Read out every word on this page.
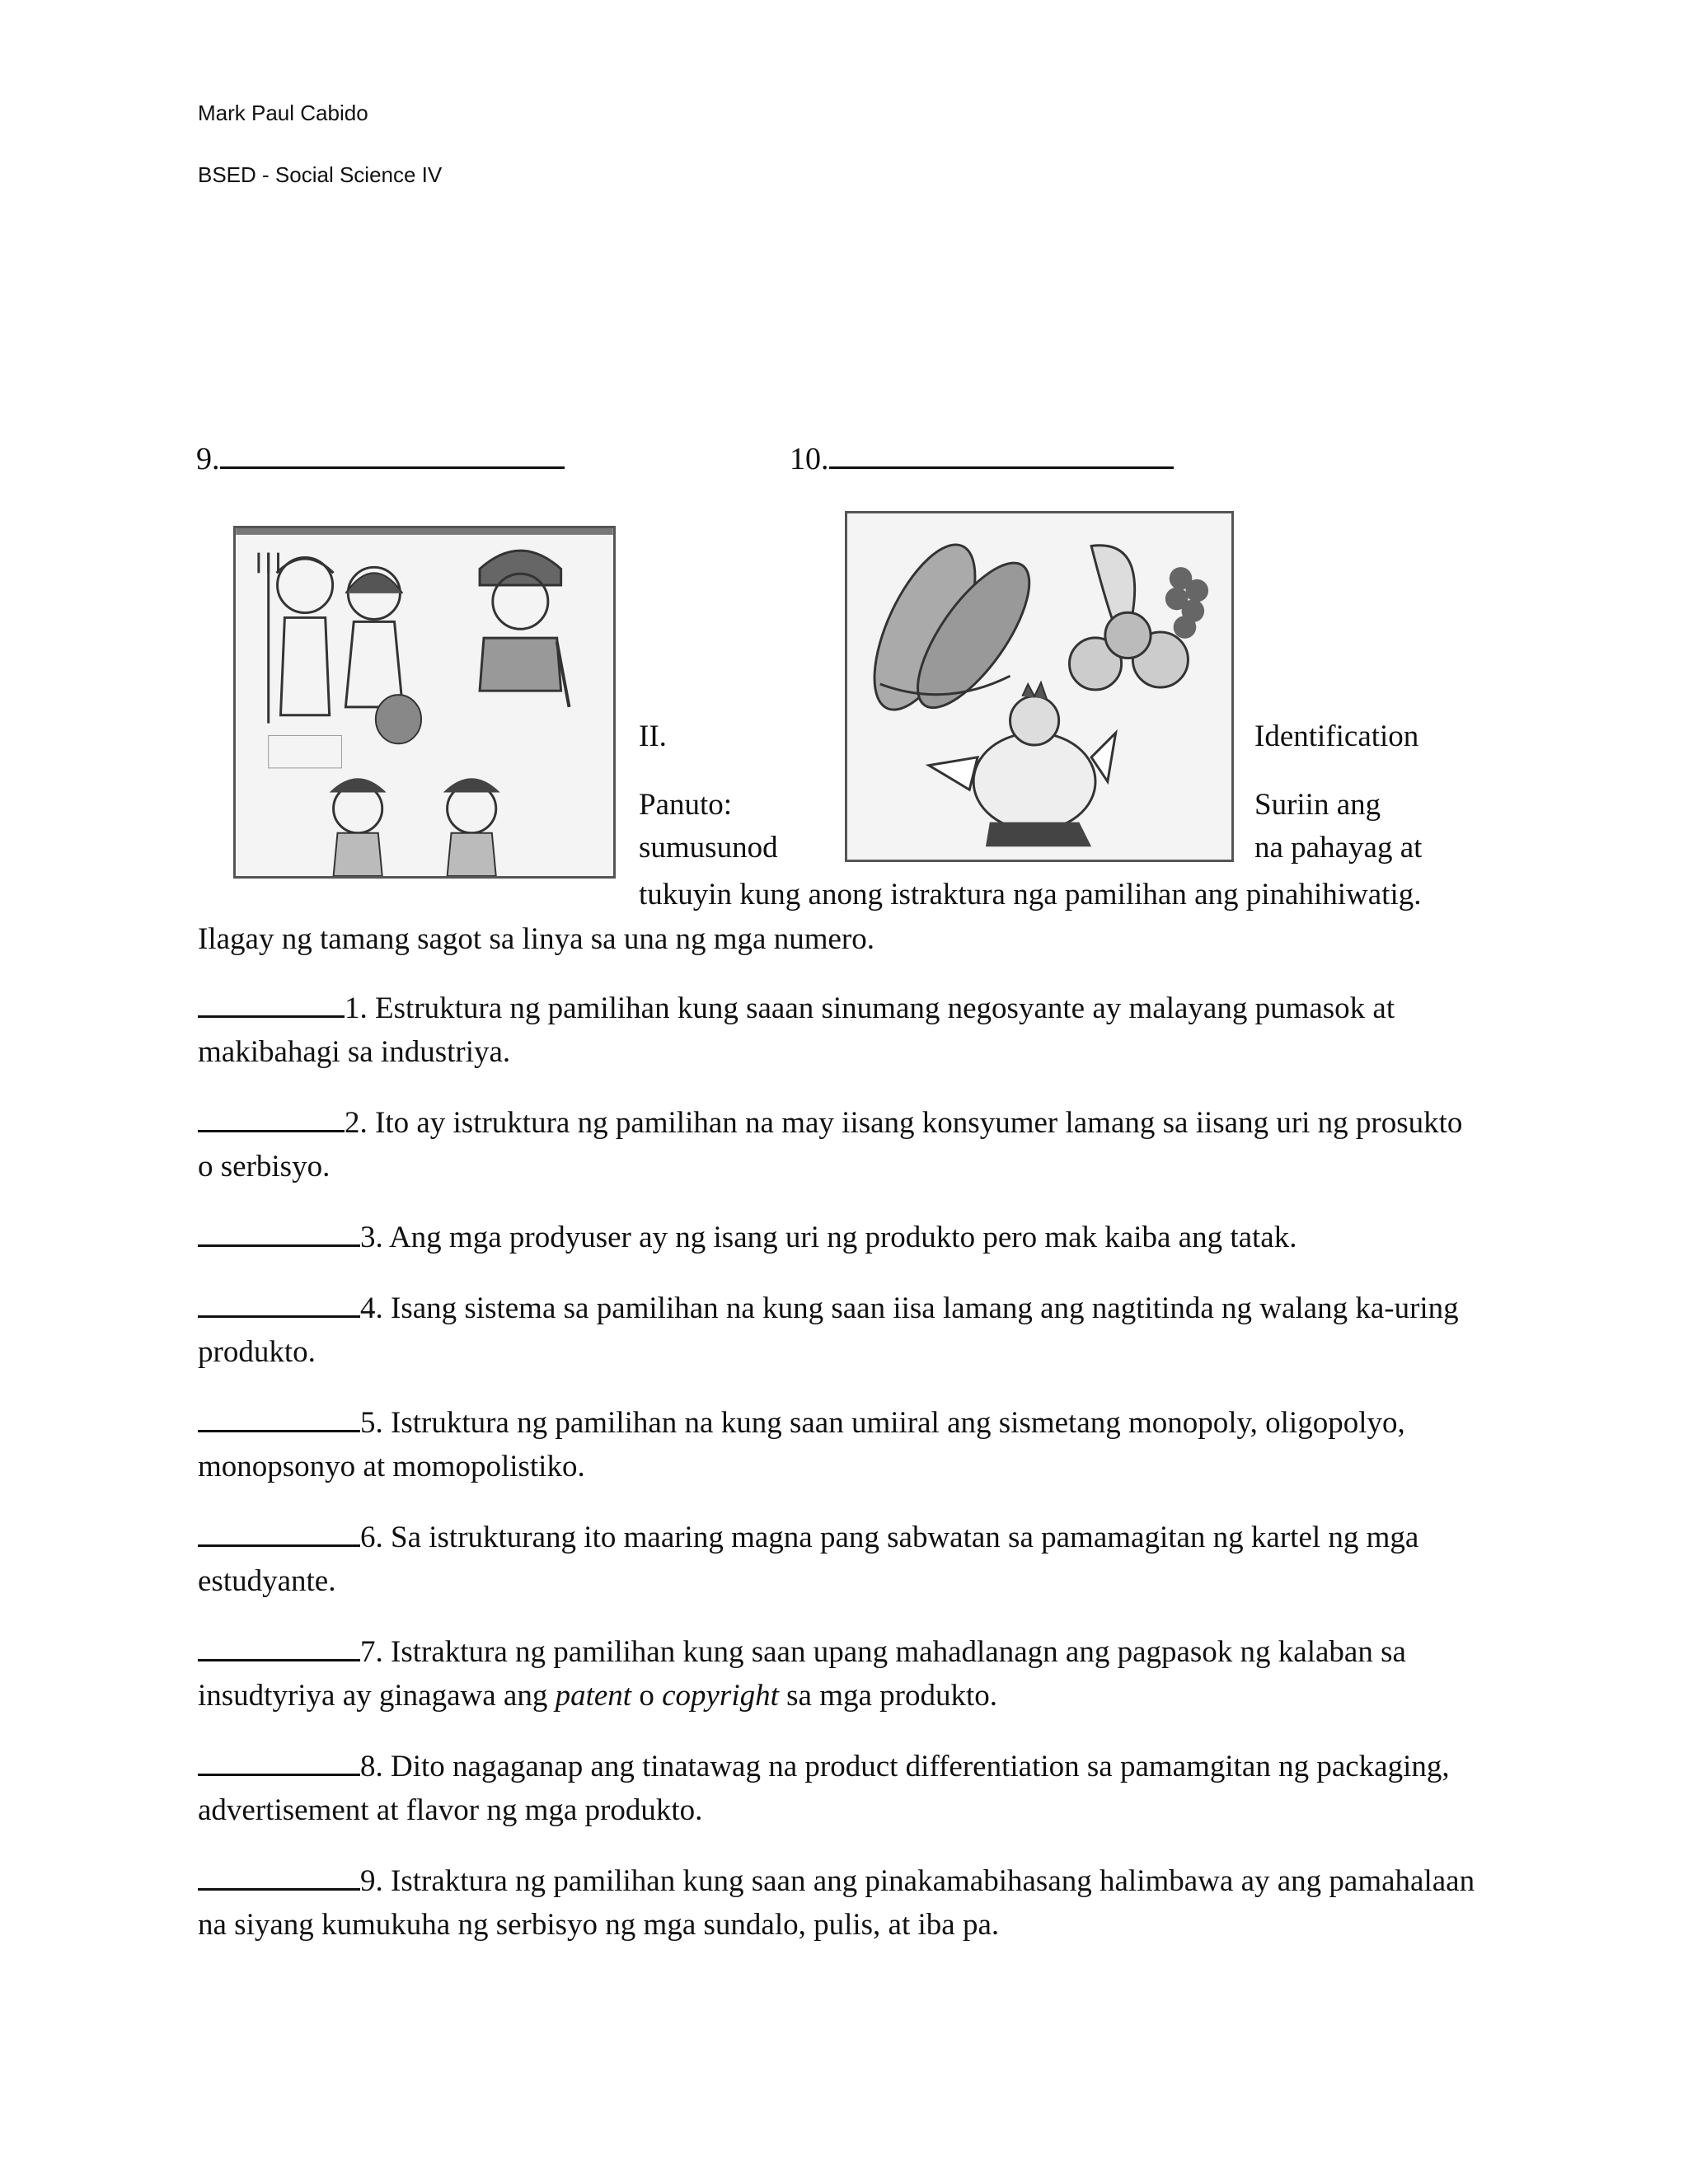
Mark Paul Cabido
BSED - Social Science IV
9.	10.
II.	Identification
Panuto:	Suriin ang
sumusunod	na pahayag at
tukuyin kung anong istraktura nga pamilihan ang pinahihiwatig.
Ilagay ng tamang sagot sa linya sa una ng mga numero.
1. Estruktura ng pamilihan kung saaan sinumang negosyante ay malayang pumasok at makibahagi sa industriya.
2. Ito ay istruktura ng pamilihan na may iisang konsyumer lamang sa iisang uri ng prosukto o serbisyo.
3. Ang mga prodyuser ay ng isang uri ng produkto pero mak kaiba ang tatak.
4. Isang sistema sa pamilihan na kung saan iisa lamang ang nagtitinda ng walang ka-uring produkto.
5. Istruktura ng pamilihan na kung saan umiiral ang sismetang monopoly, oligopolyo, monopsonyo at momopolistiko.
6. Sa istrukturang ito maaring magna pang sabwatan sa pamamagitan ng kartel ng mga estudyante.
7. Istraktura ng pamilihan kung saan upang mahadlanagn ang pagpasok ng kalaban sa insudtyriya ay ginagawa ang patent o copyright sa mga produkto.
8. Dito nagaganap ang tinatawag na product differentiation sa pamamgitan ng packaging, advertisement at flavor ng mga produkto.
9. Istraktura ng pamilihan kung saan ang pinakamabihasang halimbawa ay ang pamahalaan na siyang kumukuha ng serbisyo ng mga sundalo, pulis, at iba pa.
